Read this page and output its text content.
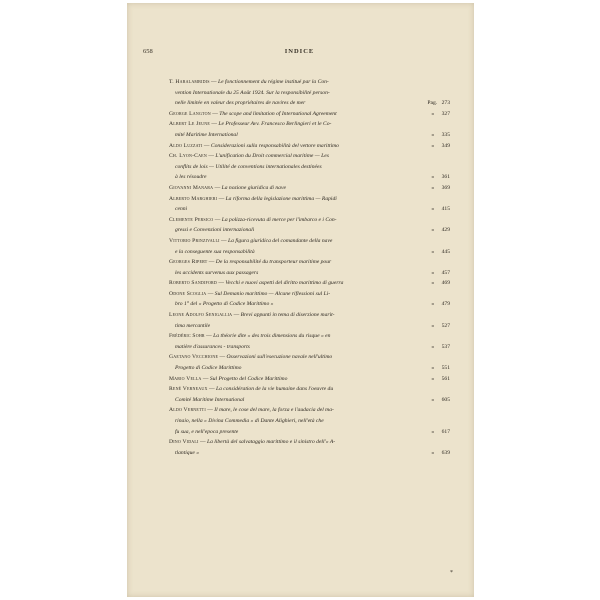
658	INDICE
T. Haralambidis — Le fonctionnement du régime institué par la Con-
vention Internationale du 25 Août 1924. Sur la responsibilité person-
nelle limitée en valeur des propriétaires de navires de mer	Pag. 273
George Langton — The scope and limitation of International Agreement	» 327
Albert Le Jeune — Le Professeur Avv. Francesco Berlingieri et le Co-
mité Maritime International	» 335
Aldo Luzzati — Considerazioni sulla responsabilità del vettore marittimo	» 349
Ch. Lyon-Caen — L'unification du Droit commercial maritime — Les
conflits de lois — Utilité de conventions internationales destinées
à les résoudre	» 361
Giovanni Manara — La nozione giuridica di nave	» 369
Alberto Marghieri — La riforma della legislazione marittima — Rapidi
cenni	» 415
Clemente Persico — La polizza-ricevuta di merce per l'imbarco e i Con-
gressi e Convenzioni internazionali	» 429
Vittorio Prinzivalli — La figura giuridica del comandante della nave
e la conseguente sua responsabilità	» 445
Georges Ripert — De la responsabilité du transporteur maritime pour
les accidents survenus aux passagers	» 457
Roberto Sandiford — Vecchi e nuovi aspetti del diritto marittimo di guerra	» 469
Odone Scoglia — Sul Demanio marittimo — Alcune riflessioni sul Li-
bro 1° del « Progetto di Codice Marittimo »	» 479
Leone Adolfo Senigallia — Brevi appunti in tema di diserzione marit-
tima mercantile	» 527
Frédéric Sohr — La théorie dite « des trois dimensions du risque » en
matière d'assurances - transports	» 537
Gaetano Vecchione — Osservazioni sull'esecuzione navale nell'ultimo
Progetto di Codice Marittimo	» 551
Mario Vella — Sul Progetto del Codice Marittimo	» 561
René Verneaux — La considération de la vie humaine dans l'oeuvre du
Comité Maritime International	» 605
Aldo Vernetti — Il mare, le cose del mare, la forza e l'audacia del ma-
rinaio, nella « Divina Commedia » di Dante Alighieri, nell'età che
fu sua, e nell'epoca presente	» 617
Dino Vidali — La libertà del salvataggio marittimo e il sinistro dell'« A-
tlantique »	» 639
*
